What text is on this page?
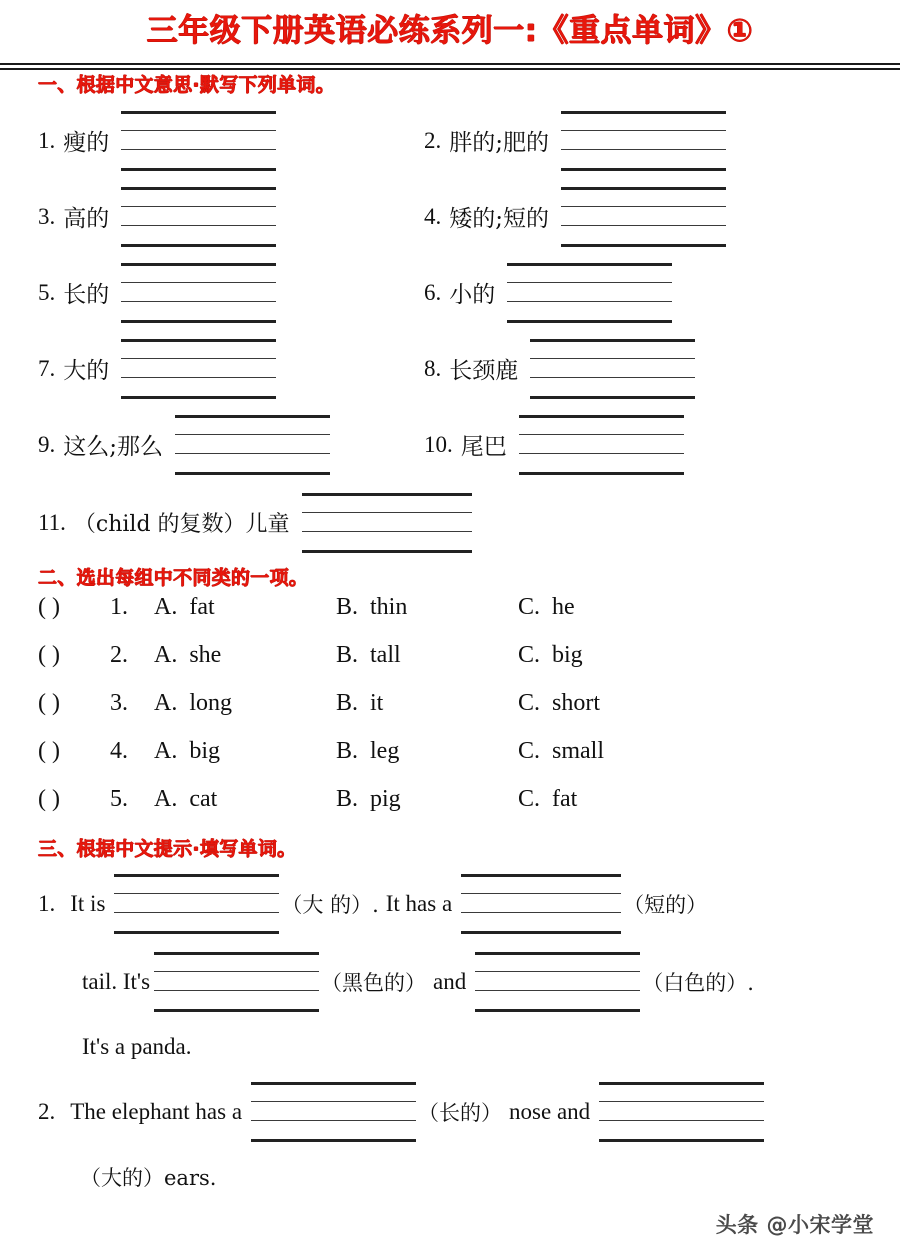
三年级下册英语必练系列一:《重点单词》①
一、根据中文意思·默写下列单词。
1. 瘦的	2. 胖的;肥的
3. 高的	4. 矮的;短的
5. 长的	6. 小的
7. 大的	8. 长颈鹿
9. 这么;那么	10. 尾巴
11. （child 的复数）儿童
二、选出每组中不同类的一项。
( )	1.	A. fat	B. thin	C. he
( )	2.	A. she	B. tall	C. big
( )	3.	A. long	B. it	C. short
( )	4.	A. big	B. leg	C. small
( )	5.	A. cat	B. pig	C. fat
三、根据中文提示·填写单词。
1. It is	（大 的）. It has a	（短的）
tail. It's	（黑色的） and	（白色的）.
It's a panda.
2. The elephant has a	（长的） nose and
（大的）ears.
头条 @小宋学堂
